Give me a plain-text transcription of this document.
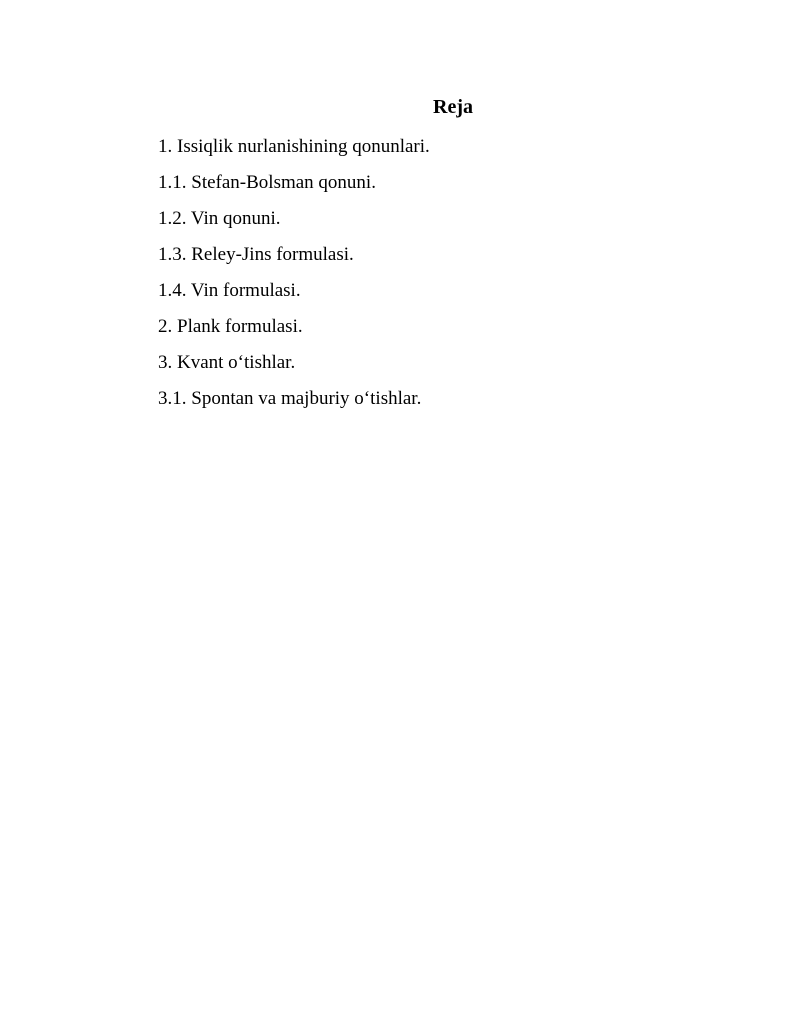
Reja
1. Issiqlik nurlanishining qonunlari.
1.1. Stefan-Bolsman qonuni.
1.2. Vin qonuni.
1.3. Reley-Jins formulasi.
1.4. Vin formulasi.
2. Plank formulasi.
3. Kvant o‘tishlar.
3.1. Spontan va majburiy o‘tishlar.
